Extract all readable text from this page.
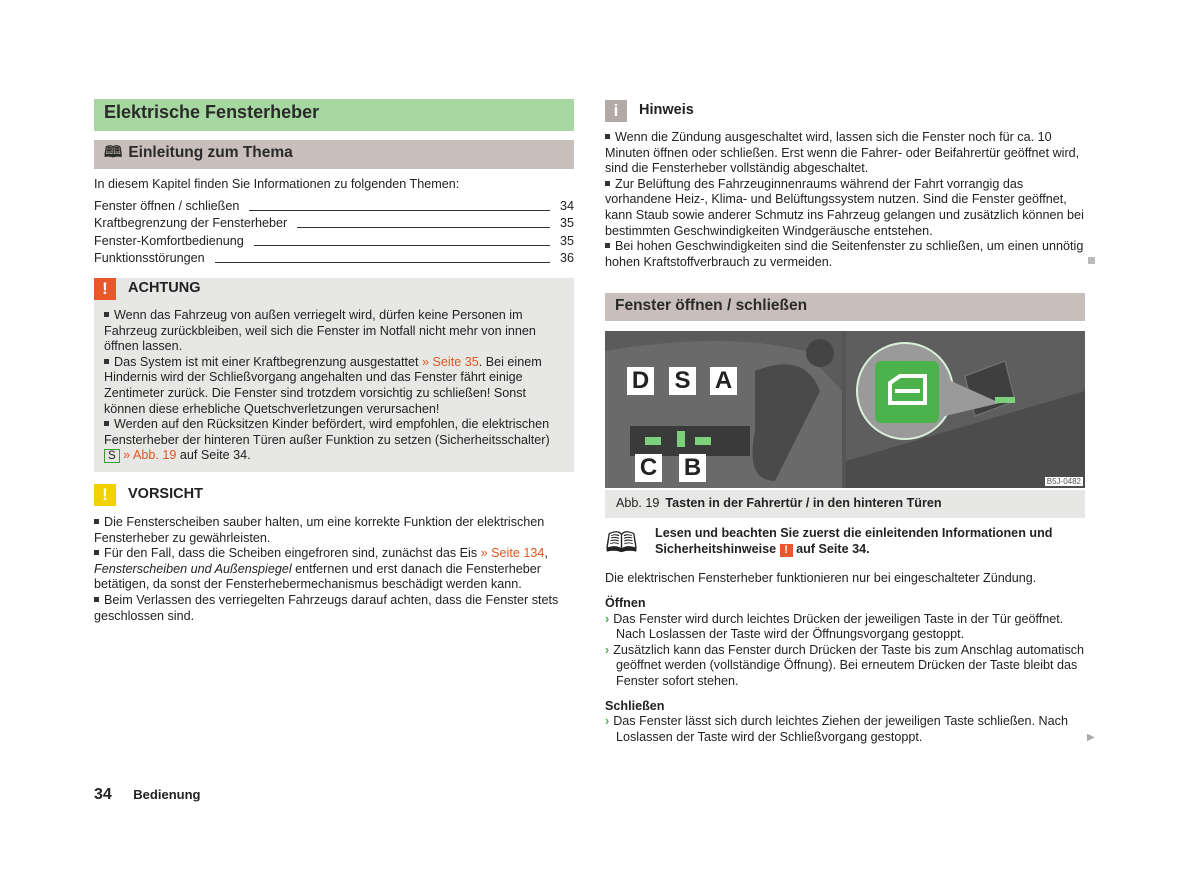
Elektrische Fensterheber
🕮 Einleitung zum Thema
In diesem Kapitel finden Sie Informationen zu folgenden Themen:
Fenster öffnen / schließen	34
Kraftbegrenzung der Fensterheber	35
Fenster-Komfortbedienung	35
Funktionsstörungen	36
!	ACHTUNG

Wenn das Fahrzeug von außen verriegelt wird, dürfen keine Personen im Fahrzeug zurückbleiben, weil sich die Fenster im Notfall nicht mehr von innen öffnen lassen.

Das System ist mit einer Kraftbegrenzung ausgestattet » Seite 35. Bei einem Hindernis wird der Schließvorgang angehalten und das Fenster fährt einige Zentimeter zurück. Die Fenster sind trotzdem vorsichtig zu schließen! Sonst können diese erhebliche Quetschverletzungen verursachen!

Werden auf den Rücksitzen Kinder befördert, wird empfohlen, die elektrischen Fensterheber der hinteren Türen außer Funktion zu setzen (Sicherheitsschalter) S » Abb. 19 auf Seite 34.

!	VORSICHT

Die Fensterscheiben sauber halten, um eine korrekte Funktion der elektrischen Fensterheber zu gewährleisten.

Für den Fall, dass die Scheiben eingefroren sind, zunächst das Eis » Seite 134, Fensterscheiben und Außenspiegel entfernen und erst danach die Fensterheber betätigen, da sonst der Fensterhebermechanismus beschädigt werden kann.

Beim Verlassen des verriegelten Fahrzeugs darauf achten, dass die Fenster stets geschlossen sind.

i	Hinweis

Wenn die Zündung ausgeschaltet wird, lassen sich die Fenster noch für ca. 10 Minuten öffnen oder schließen. Erst wenn die Fahrer- oder Beifahrertür geöffnet wird, sind die Fensterheber vollständig abgeschaltet.

Zur Belüftung des Fahrzeuginnenraums während der Fahrt vorrangig das vorhandene Heiz-, Klima- und Belüftungssystem nutzen. Sind die Fenster geöffnet, kann Staub sowie anderer Schmutz ins Fahrzeug gelangen und zusätzlich können bei bestimmten Geschwindigkeiten Windgeräusche entstehen.

Bei hohen Geschwindigkeiten sind die Seitenfenster zu schließen, um einen unnötig hohen Kraftstoffverbrauch zu vermeiden.

Fenster öffnen / schließen
D S A
C B
B5J-0482
Abb. 19 Tasten in der Fahrertür / in den hinteren Türen
🕮 Lesen und beachten Sie zuerst die einleitenden Informationen und Sicherheitshinweise ! auf Seite 34.
Die elektrischen Fensterheber funktionieren nur bei eingeschalteter Zündung.

Öffnen

› Das Fenster wird durch leichtes Drücken der jeweiligen Taste in der Tür geöffnet. Nach Loslassen der Taste wird der Öffnungsvorgang gestoppt.

› Zusätzlich kann das Fenster durch Drücken der Taste bis zum Anschlag automatisch geöffnet werden (vollständige Öffnung). Bei erneutem Drücken der Taste bleibt das Fenster sofort stehen.

Schließen

› Das Fenster lässt sich durch leichtes Ziehen der jeweiligen Taste schließen. Nach Loslassen der Taste wird der Schließvorgang gestoppt.	▶
34 Bedienung
